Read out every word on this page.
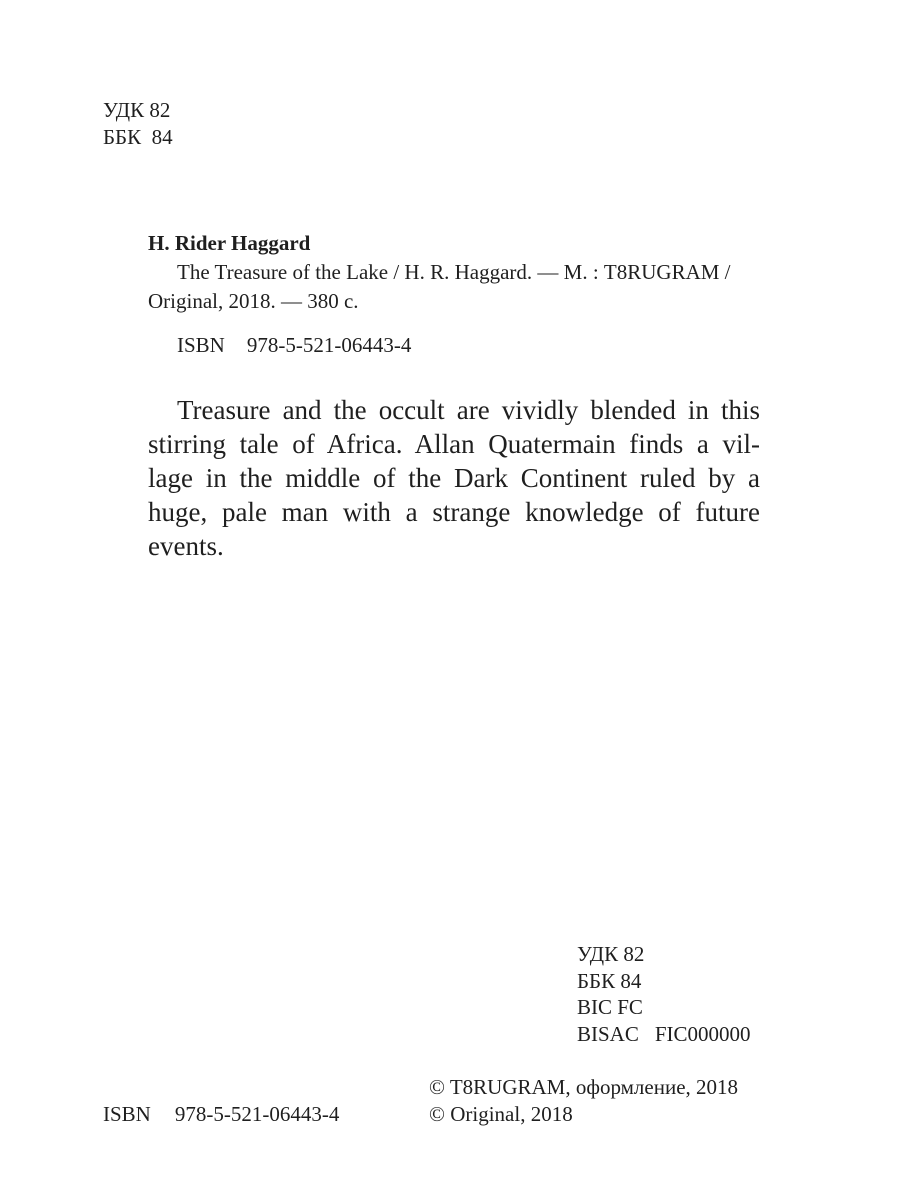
УДК 82
ББК  84
H. Rider Haggard
The Treasure of the Lake / H. R. Haggard. — М. : T8RUGRAM /
Original, 2018. — 380 c.
ISBN 978-5-521-06443-4
Treasure and the occult are vividly blended in this
stirring tale of Africa. Allan Quatermain finds a vil-
lage in the middle of the Dark Continent ruled by a
huge, pale man with a strange knowledge of future
events.
УДК 82
ББК 84
BIC FC
BISAC FIC000000
ISBN 978-5-521-06443-4
© T8RUGRAM, оформление, 2018
© Original, 2018
